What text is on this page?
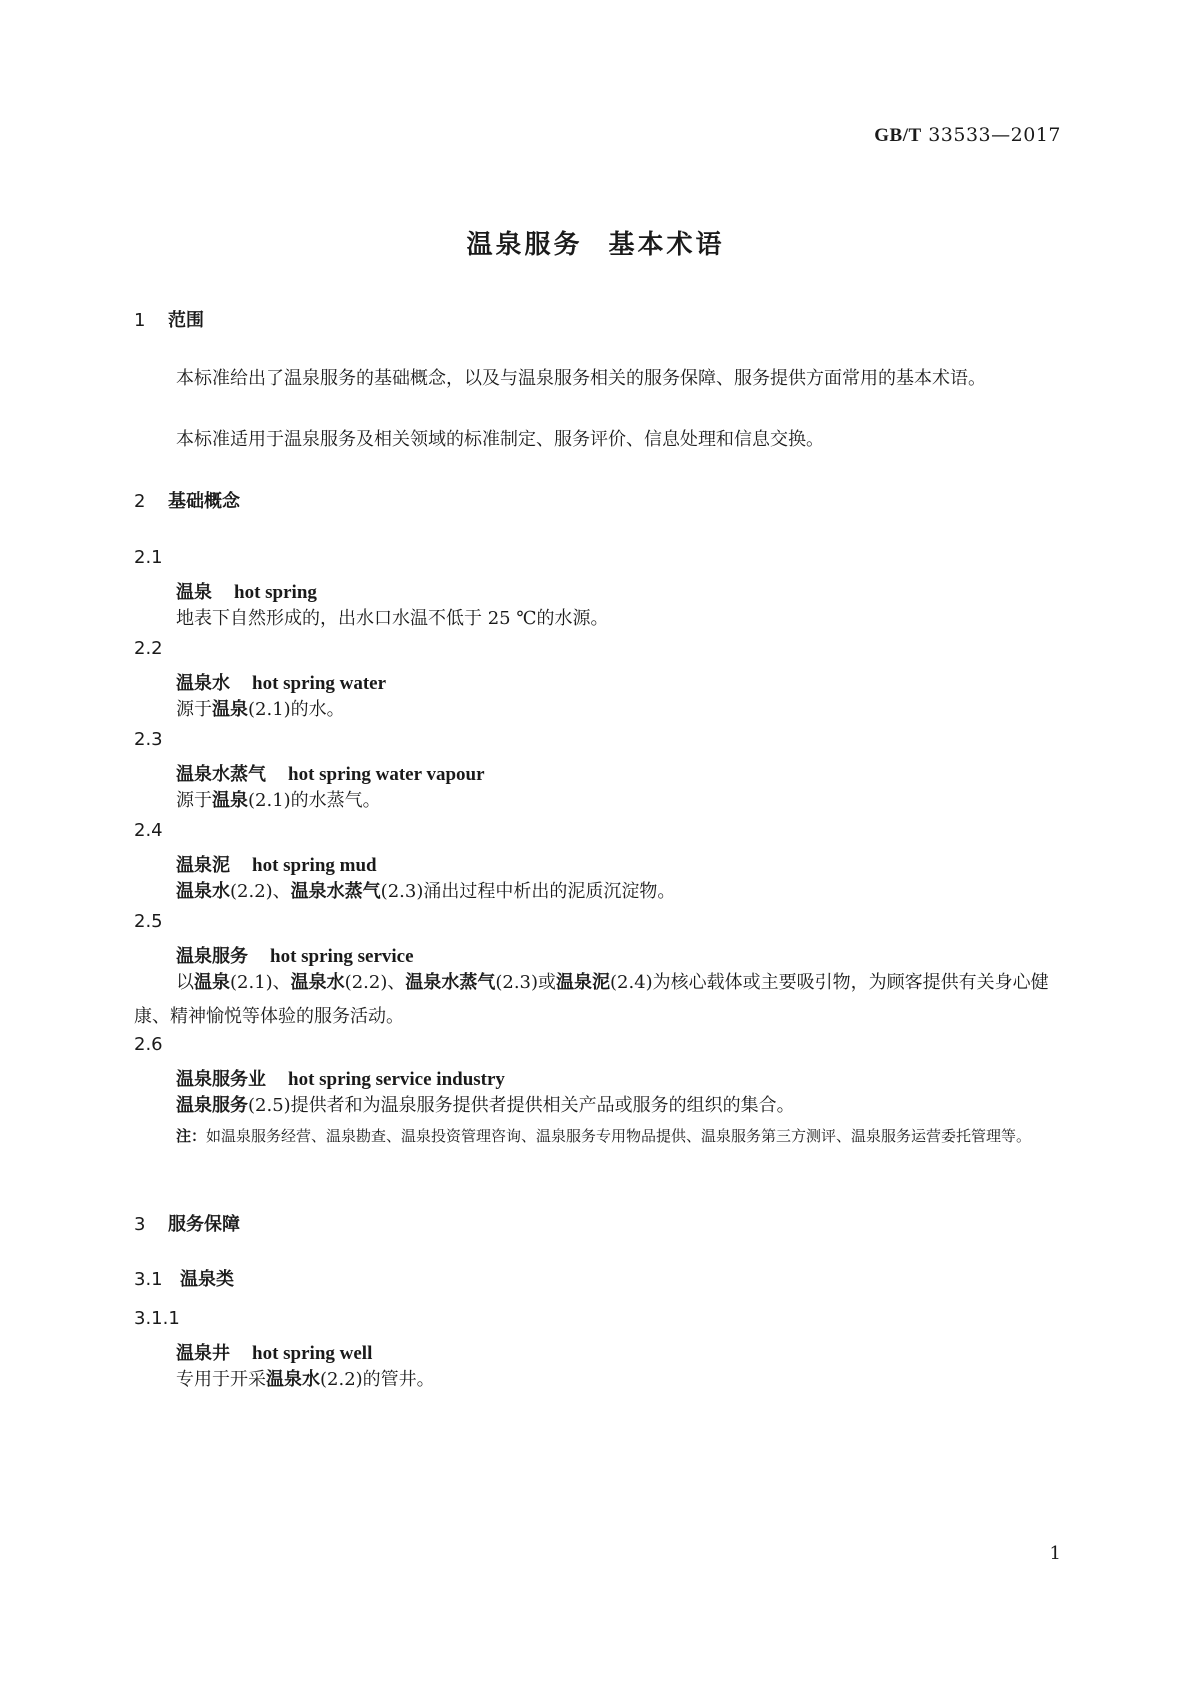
GB/T 33533—2017
温泉服务 基本术语
1 范围
本标准给出了温泉服务的基础概念，以及与温泉服务相关的服务保障、服务提供方面常用的基本术语。
本标准适用于温泉服务及相关领域的标准制定、服务评价、信息处理和信息交换。
2 基础概念
2.1
温泉 hot spring
地表下自然形成的，出水口水温不低于 25 ℃的水源。
2.2
温泉水 hot spring water
源于温泉(2.1)的水。
2.3
温泉水蒸气 hot spring water vapour
源于温泉(2.1)的水蒸气。
2.4
温泉泥 hot spring mud
温泉水(2.2)、温泉水蒸气(2.3)涌出过程中析出的泥质沉淀物。
2.5
温泉服务 hot spring service
以温泉(2.1)、温泉水(2.2)、温泉水蒸气(2.3)或温泉泥(2.4)为核心载体或主要吸引物，为顾客提供有关身心健康、精神愉悦等体验的服务活动。
2.6
温泉服务业 hot spring service industry
温泉服务(2.5)提供者和为温泉服务提供者提供相关产品或服务的组织的集合。
注：如温泉服务经营、温泉勘查、温泉投资管理咨询、温泉服务专用物品提供、温泉服务第三方测评、温泉服务运营委托管理等。
3 服务保障
3.1 温泉类
3.1.1
温泉井 hot spring well
专用于开采温泉水(2.2)的管井。
1
